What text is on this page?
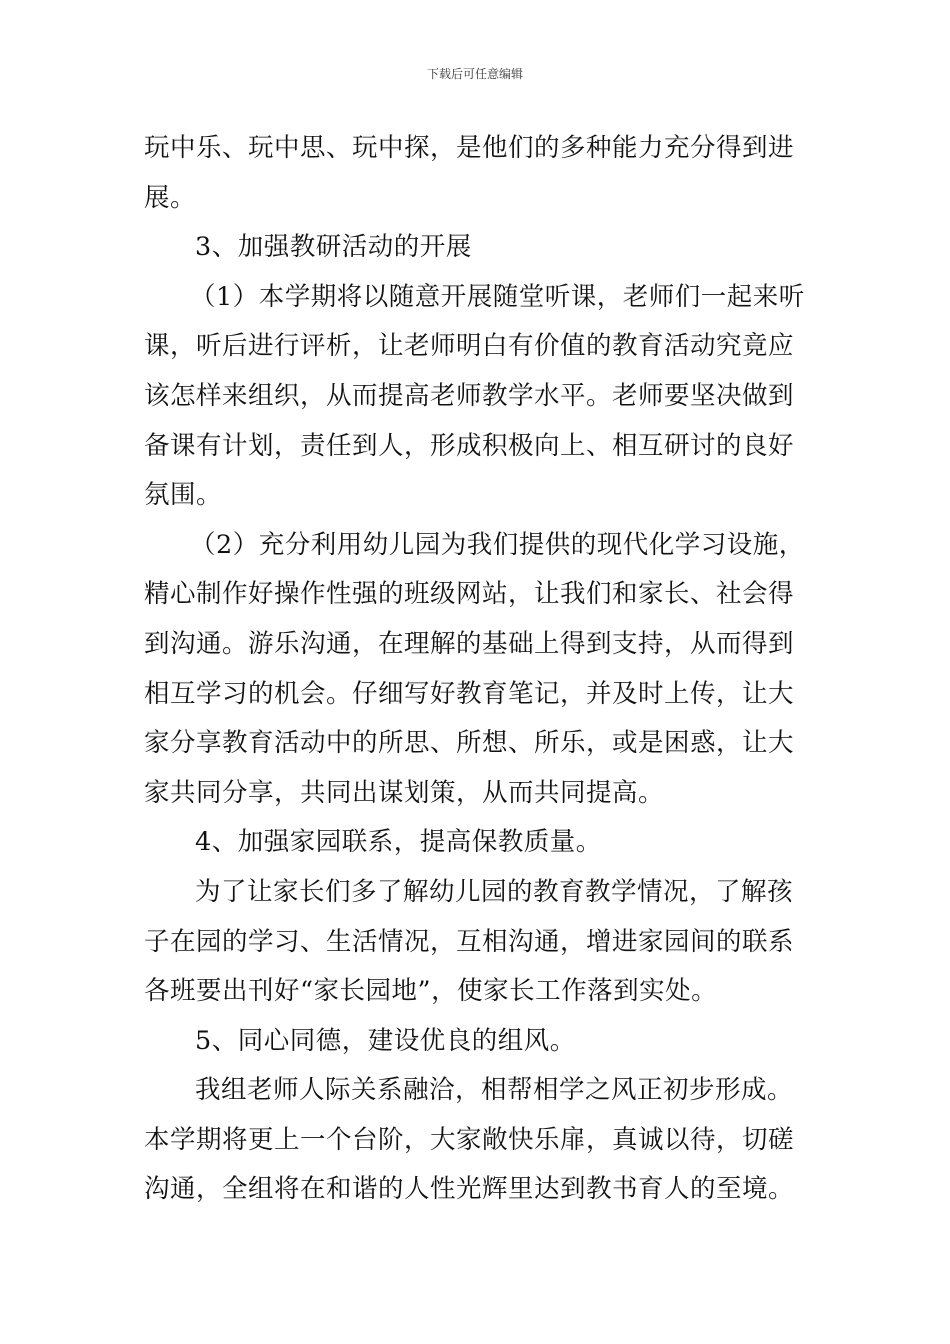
下载后可任意编辑
玩中乐、玩中思、玩中探，是他们的多种能力充分得到进
展。
3、加强教研活动的开展
（1）本学期将以随意开展随堂听课，老师们一起来听
课，听后进行评析，让老师明白有价值的教育活动究竟应
该怎样来组织，从而提高老师教学水平。老师要坚决做到
备课有计划，责任到人，形成积极向上、相互研讨的良好
氛围。
（2）充分利用幼儿园为我们提供的现代化学习设施，
精心制作好操作性强的班级网站，让我们和家长、社会得
到沟通。游乐沟通，在理解的基础上得到支持，从而得到
相互学习的机会。仔细写好教育笔记，并及时上传，让大
家分享教育活动中的所思、所想、所乐，或是困惑，让大
家共同分享，共同出谋划策，从而共同提高。
4、加强家园联系，提高保教质量。
为了让家长们多了解幼儿园的教育教学情况，了解孩
子在园的学习、生活情况，互相沟通，增进家园间的联系
各班要出刊好“家长园地”，使家长工作落到实处。
5、同心同德，建设优良的组风。
我组老师人际关系融洽，相帮相学之风正初步形成。
本学期将更上一个台阶，大家敞快乐扉，真诚以待，切磋
沟通，全组将在和谐的人性光辉里达到教书育人的至境。
